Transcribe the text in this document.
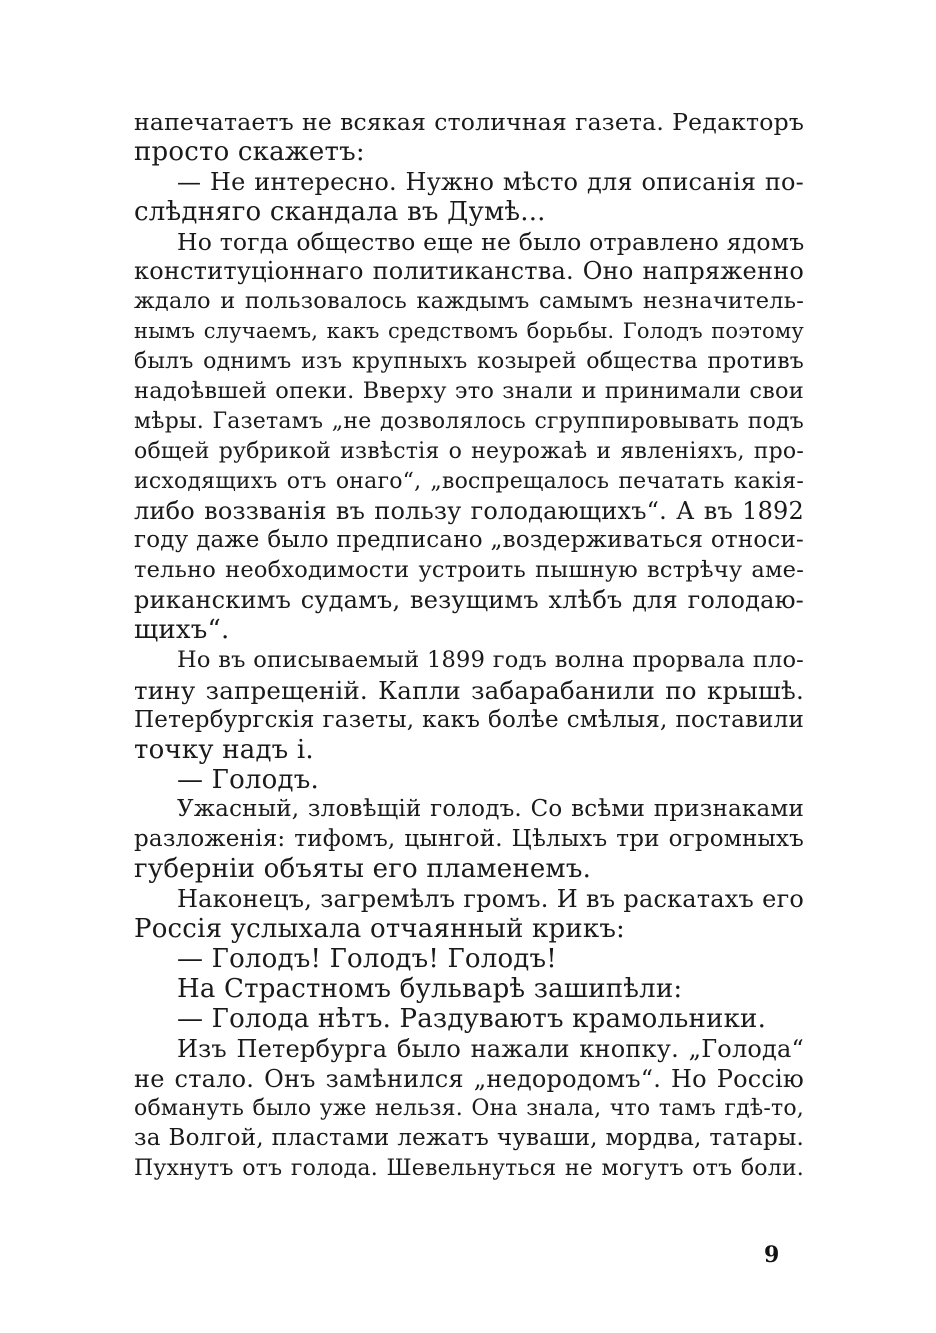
напечатаетъ не всякая столичная газета. Редакторъ
просто скажетъ:
— Не интересно. Нужно мѣсто для описанія по-
слѣдняго скандала въ Думѣ...
Но тогда общество еще не было отравлено ядомъ
конституціоннаго политиканства. Оно напряженно
ждало и пользовалось каждымъ самымъ незначитель-
нымъ случаемъ, какъ средствомъ борьбы. Голодъ поэтому
былъ однимъ изъ крупныхъ козырей общества противъ
надоѣвшей опеки. Вверху это знали и принимали свои
мѣры. Газетамъ „не дозволялось сгруппировывать подъ
общей рубрикой извѣстія о неурожаѣ и явленіяхъ, про-
исходящихъ отъ онаго“, „воспрещалось печатать какія-
либо воззванія въ пользу голодающихъ“. А въ 1892
году даже было предписано „воздерживаться относи-
тельно необходимости устроить пышную встрѣчу аме-
риканскимъ судамъ, везущимъ хлѣбъ для голодаю-
щихъ“.
Но въ описываемый 1899 годъ волна прорвала пло-
тину запрещеній. Капли забарабанили по крышѣ.
Петербургскія газеты, какъ болѣе смѣлыя, поставили
точку надъ і.
— Голодъ.
Ужасный, зловѣщій голодъ. Со всѣми признаками
разложенія: тифомъ, цынгой. Цѣлыхъ три огромныхъ
губерніи объяты его пламенемъ.
Наконецъ, загремѣлъ громъ. И въ раскатахъ его
Россія услыхала отчаянный крикъ:
— Голодъ! Голодъ! Голодъ!
На Страстномъ бульварѣ зашипѣли:
— Голода нѣтъ. Раздуваютъ крамольники.
Изъ Петербурга было нажали кнопку. „Голода“
не стало. Онъ замѣнился „недородомъ“. Но Россію
обмануть было уже нельзя. Она знала, что тамъ гдѣ-то,
за Волгой, пластами лежатъ чуваши, мордва, татары.
Пухнутъ отъ голода. Шевельнуться не могутъ отъ боли.
9
